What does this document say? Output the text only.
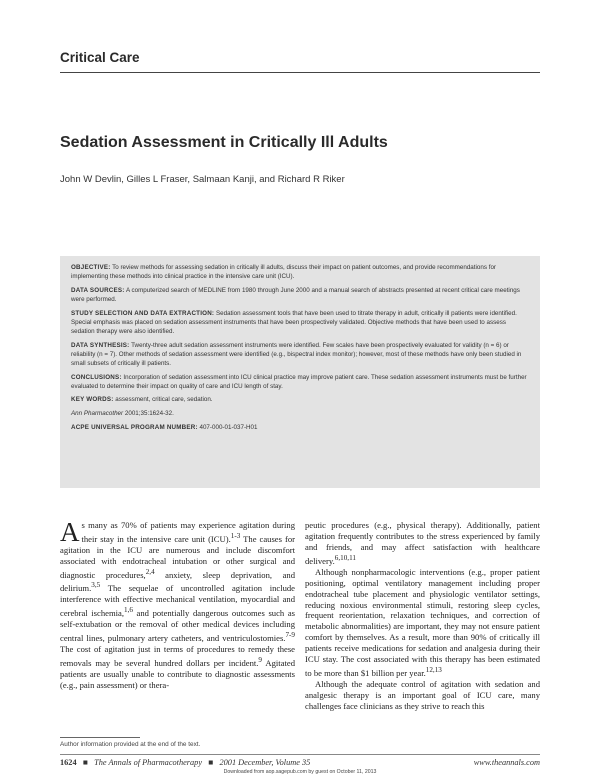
Critical Care
Sedation Assessment in Critically Ill Adults
John W Devlin, Gilles L Fraser, Salmaan Kanji, and Richard R Riker

OBJECTIVE: To review methods for assessing sedation in critically ill adults, discuss their impact on patient outcomes, and provide recommendations for implementing these methods into clinical practice in the intensive care unit (ICU).

DATA SOURCES: A computerized search of MEDLINE from 1980 through June 2000 and a manual search of abstracts presented at recent critical care meetings were performed.

STUDY SELECTION AND DATA EXTRACTION: Sedation assessment tools that have been used to titrate therapy in adult, critically ill patients were identified. Special emphasis was placed on sedation assessment instruments that have been prospectively validated. Objective methods that have been used to assess sedation therapy were also identified.

DATA SYNTHESIS: Twenty-three adult sedation assessment instruments were identified. Few scales have been prospectively evaluated for validity (n = 6) or reliability (n = 7). Other methods of sedation assessment were identified (e.g., bispectral index monitor); however, most of these methods have only been studied in small subsets of critically ill patients.

CONCLUSIONS: Incorporation of sedation assessment into ICU clinical practice may improve patient care. These sedation assessment instruments must be further evaluated to determine their impact on quality of care and ICU length of stay.

KEY WORDS: assessment, critical care, sedation.

Ann Pharmacother 2001;35:1624-32.

ACPE UNIVERSAL PROGRAM NUMBER: 407-000-01-037-H01

As many as 70% of patients may experience agitation during their stay in the intensive care unit (ICU).$^{1-3}$ The causes for agitation in the ICU are numerous and include discomfort associated with endotracheal intubation or other surgical and diagnostic procedures,$^{2,4}$ anxiety, sleep deprivation, and delirium.$^{3,5}$ The sequelae of uncontrolled agitation include interference with effective mechanical ventilation, myocardial and cerebral ischemia,$^{1,6}$ and potentially dangerous outcomes such as self-extubation or the removal of other medical devices including central lines, pulmonary artery catheters, and ventriculostomies.$^{7-9}$ The cost of agitation just in terms of procedures to remedy these removals may be several hundred dollars per incident.$^9$ Agitated patients are usually unable to contribute to diagnostic assessments (e.g., pain assessment) or thera-

peutic procedures (e.g., physical therapy). Additionally, patient agitation frequently contributes to the stress experienced by family and friends, and may affect satisfaction with healthcare delivery.$^{6,10,11}$

Although nonpharmacologic interventions (e.g., proper patient positioning, optimal ventilatory management including proper endotracheal tube placement and physiologic ventilator settings, reducing noxious environmental stimuli, restoring sleep cycles, frequent reorientation, relaxation techniques, and correction of metabolic abnormalities) are important, they may not ensure patient comfort by themselves. As a result, more than 90% of critically ill patients receive medications for sedation and analgesia during their ICU stay. The cost associated with this therapy has been estimated to be more than $1 billion per year.$^{12,13}$

Although the adequate control of agitation with sedation and analgesic therapy is an important goal of ICU care, many challenges face clinicians as they strive to reach this

Author information provided at the end of the text.
1624 ■ The Annals of Pharmacotherapy ■ 2001 December, Volume 35	www.theannals.com
Downloaded from aop.sagepub.com by guest on October 11, 2013
